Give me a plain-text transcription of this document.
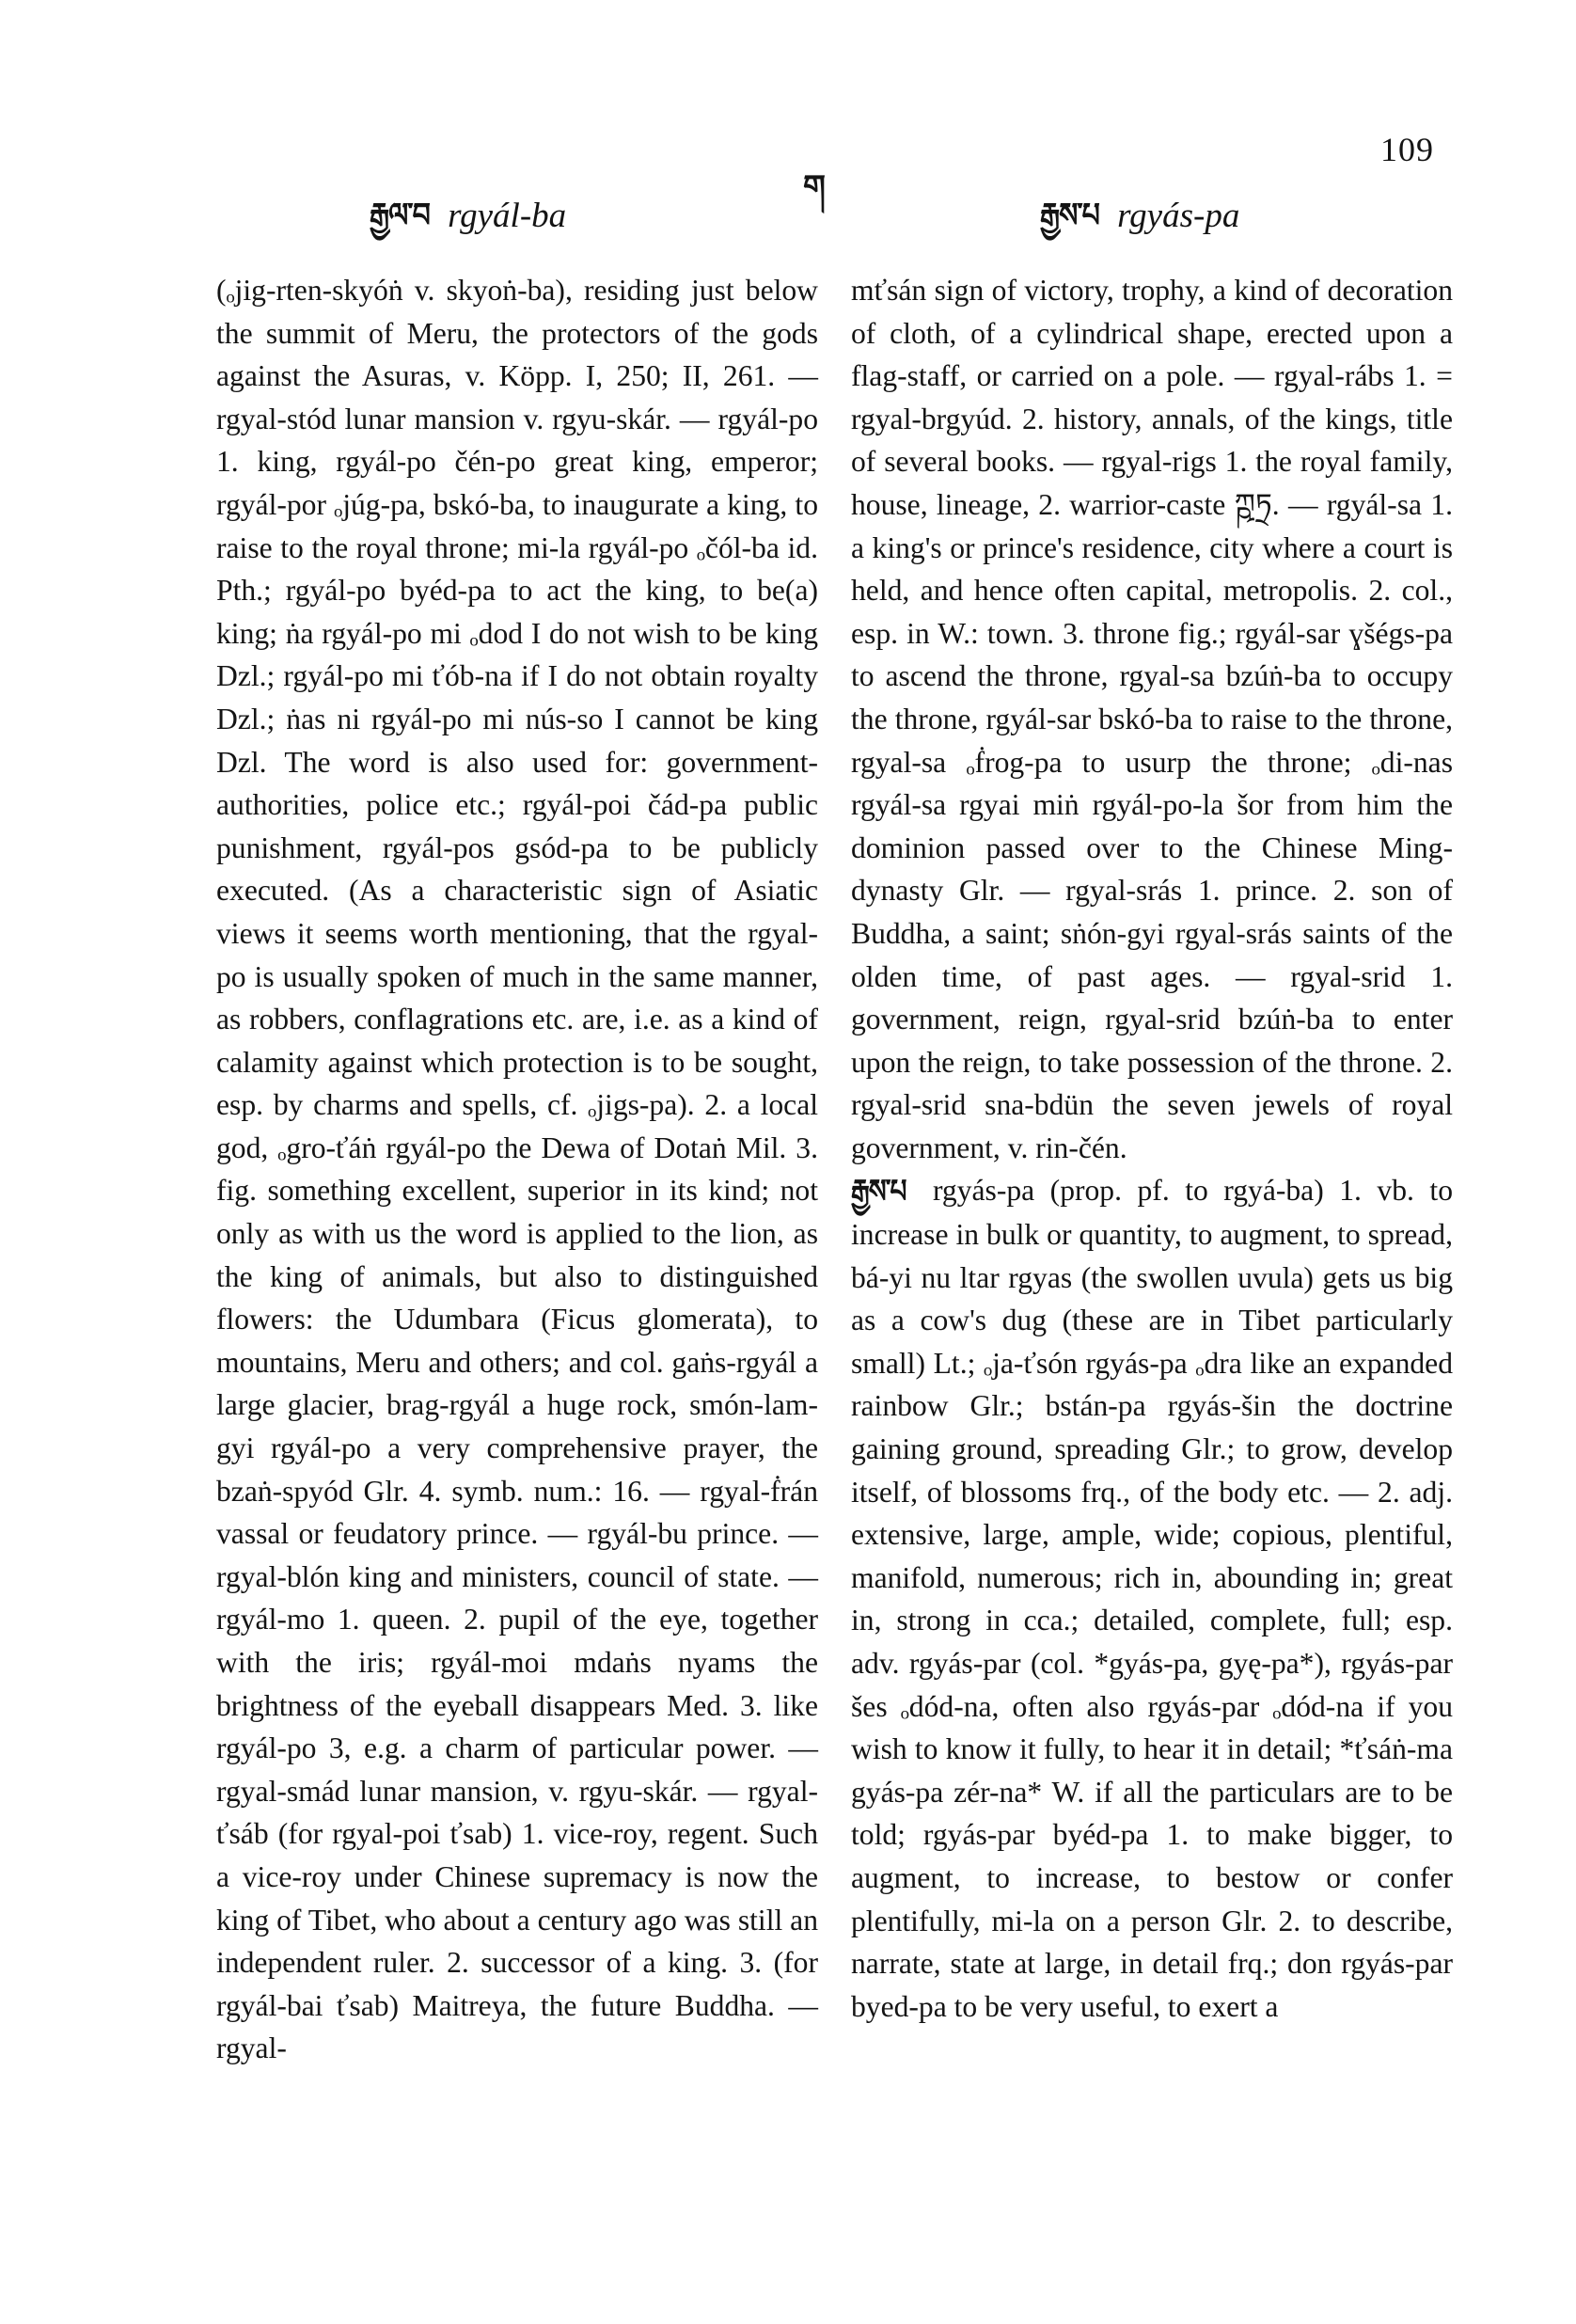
109
རྒྱལ་བ rgyál-ba
ག
རྒྱས་པ rgyás-pa

(ₒjig-rten-skyóṅ v. skyoṅ-ba), residing just below the summit of Meru, the protectors of the gods against the Asuras, v. Köpp. I, 250; II, 261. — rgyal-stód lunar mansion v. rgyu-skár. — rgyál-po 1. king, rgyál-po čén-po great king, emperor; rgyál-por ₒjúg-pa, bskó-ba, to inaugurate a king, to raise to the royal throne; mi-la rgyál-po ₒčól-ba id. Pth.; rgyál-po byéd-pa to act the king, to be(a) king; ṅa rgyál-po mi ₒdod I do not wish to be king Dzl.; rgyál-po mi ťób-na if I do not obtain royalty Dzl.; ṅas ni rgyál-po mi nús-so I cannot be king Dzl. The word is also used for: government-authorities, police etc.; rgyál-poi čád-pa public punishment, rgyál-pos gsód-pa to be publicly executed. (As a characteristic sign of Asiatic views it seems worth mentioning, that the rgyal-po is usually spoken of much in the same manner, as robbers, conflagrations etc. are, i.e. as a kind of calamity against which protection is to be sought, esp. by charms and spells, cf. ₒjigs-pa). 2. a local god, ₒgro-ťáṅ rgyál-po the Dewa of Dotaṅ Mil. 3. fig. something excellent, superior in its kind; not only as with us the word is applied to the lion, as the king of animals, but also to distinguished flowers: the Udumbara (Ficus glomerata), to mountains, Meru and others; and col. gaṅs-rgyál a large glacier, brag-rgyál a huge rock, smón-lam-gyi rgyál-po a very comprehensive prayer, the bzaṅ-spyód Glr. 4. symb. num.: 16. — rgyal-ḟrán vassal or feudatory prince. — rgyál-bu prince. — rgyal-blón king and ministers, council of state. — rgyál-mo 1. queen. 2. pupil of the eye, together with the iris; rgyál-moi mdaṅs nyams the brightness of the eyeball disappears Med. 3. like rgyál-po 3, e.g. a charm of particular power. — rgyal-smád lunar mansion, v. rgyu-skár. — rgyal-ťsáb (for rgyal-poi ťsab) 1. vice-roy, regent. Such a vice-roy under Chinese supremacy is now the king of Tibet, who about a century ago was still an independent ruler. 2. successor of a king. 3. (for rgyál-bai ťsab) Maitreya, the future Buddha. — rgyal-

mťsán sign of victory, trophy, a kind of decoration of cloth, of a cylindrical shape, erected upon a flag-staff, or carried on a pole. — rgyal-rábs 1. = rgyal-brgyúd. 2. history, annals, of the kings, title of several books. — rgyal-rigs 1. the royal family, house, lineage, 2. warrior-caste ཀྵཏྲ. — rgyál-sa 1. a king's or prince's residence, city where a court is held, and hence often capital, metropolis. 2. col., esp. in W.: town. 3. throne fig.; rgyál-sar ɣšégs-pa to ascend the throne, rgyal-sa bzúṅ-ba to occupy the throne, rgyál-sar bskó-ba to raise to the throne, rgyal-sa ₒḟrog-pa to usurp the throne; ₒdi-nas rgyál-sa rgyai miṅ rgyál-po-la šor from him the dominion passed over to the Chinese Ming-dynasty Glr. — rgyal-srás 1. prince. 2. son of Buddha, a saint; sṅón-gyi rgyal-srás saints of the olden time, of past ages. — rgyal-srid 1. government, reign, rgyal-srid bzúṅ-ba to enter upon the reign, to take possession of the throne. 2. rgyal-srid sna-bdün the seven jewels of royal government, v. rin-čén.

རྒྱས་པ rgyás-pa (prop. pf. to rgyá-ba) 1. vb. to increase in bulk or quantity, to augment, to spread, bá-yi nu ltar rgyas (the swollen uvula) gets us big as a cow's dug (these are in Tibet particularly small) Lt.; ₒja-ťsón rgyás-pa ₒdra like an expanded rainbow Glr.; bstán-pa rgyás-šin the doctrine gaining ground, spreading Glr.; to grow, develop itself, of blossoms frq., of the body etc. — 2. adj. extensive, large, ample, wide; copious, plentiful, manifold, numerous; rich in, abounding in; great in, strong in cca.; detailed, complete, full; esp. adv. rgyás-par (col. *gyás-pa, gyę-pa*), rgyás-par šes ₒdód-na, often also rgyás-par ₒdód-na if you wish to know it fully, to hear it in detail; *ťsáṅ-ma gyás-pa zér-na* W. if all the particulars are to be told; rgyás-par byéd-pa 1. to make bigger, to augment, to increase, to bestow or confer plentifully, mi-la on a person Glr. 2. to describe, narrate, state at large, in detail frq.; don rgyás-par byed-pa to be very useful, to exert a
